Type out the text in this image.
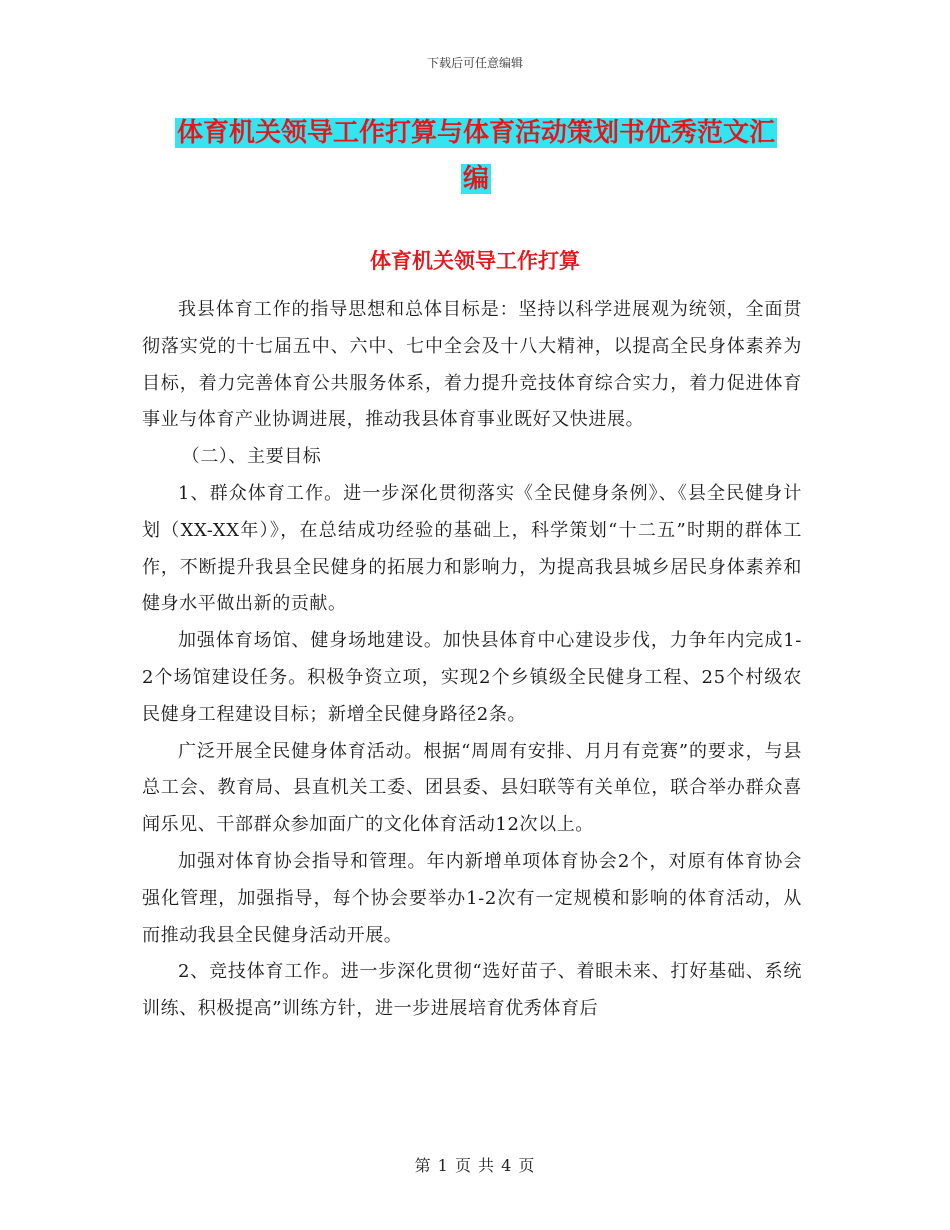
下载后可任意编辑
体育机关领导工作打算与体育活动策划书优秀范文汇
编
体育机关领导工作打算

我县体育工作的指导思想和总体目标是：坚持以科学进展观为统领，全面贯彻落实党的十七届五中、六中、七中全会及十八大精神，以提高全民身体素养为目标，着力完善体育公共服务体系，着力提升竞技体育综合实力，着力促进体育事业与体育产业协调进展，推动我县体育事业既好又快进展。

（二）、主要目标

1、群众体育工作。进一步深化贯彻落实《全民健身条例》、《县全民健身计划（XX-XX年）》，在总结成功经验的基础上，科学策划“十二五”时期的群体工作，不断提升我县全民健身的拓展力和影响力，为提高我县城乡居民身体素养和健身水平做出新的贡献。

加强体育场馆、健身场地建设。加快县体育中心建设步伐，力争年内完成1-2个场馆建设任务。积极争资立项，实现2个乡镇级全民健身工程、25个村级农民健身工程建设目标；新增全民健身路径2条。

广泛开展全民健身体育活动。根据“周周有安排、月月有竞赛”的要求，与县总工会、教育局、县直机关工委、团县委、县妇联等有关单位，联合举办群众喜闻乐见、干部群众参加面广的文化体育活动12次以上。

加强对体育协会指导和管理。年内新增单项体育协会2个，对原有体育协会强化管理，加强指导，每个协会要举办1-2次有一定规模和影响的体育活动，从而推动我县全民健身活动开展。

2、竞技体育工作。进一步深化贯彻“选好苗子、着眼未来、打好基础、系统训练、积极提高”训练方针，进一步进展培育优秀体育后

第 1 页 共 4 页
